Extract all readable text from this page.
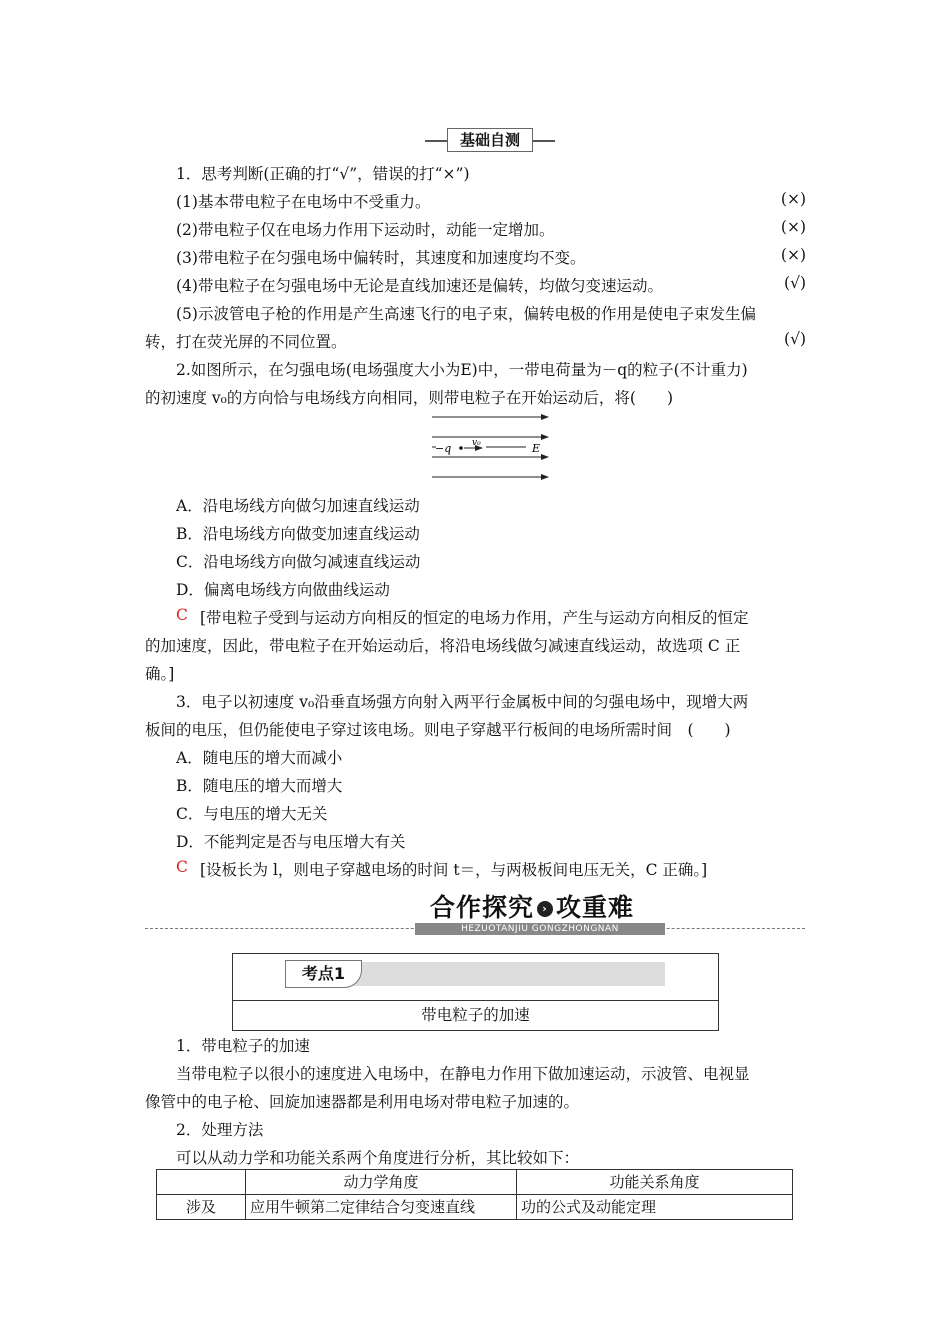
基础自测
1．思考判断(正确的打“√”，错误的打“×”)
(1)基本带电粒子在电场中不受重力。	(×)
(2)带电粒子仅在电场力作用下运动时，动能一定增加。	(×)
(3)带电粒子在匀强电场中偏转时，其速度和加速度均不变。	(×)
(4)带电粒子在匀强电场中无论是直线加速还是偏转，均做匀变速运动。	(√)
(5)示波管电子枪的作用是产生高速飞行的电子束，偏转电极的作用是使电子束发生偏
转，打在荧光屏的不同位置。	(√)
2.如图所示，在匀强电场(电场强度大小为E)中，一带电荷量为－q的粒子(不计重力)
的初速度 v₀的方向恰与电场线方向相同，则带电粒子在开始运动后，将(　　)
−q v₀	E
A．沿电场线方向做匀加速直线运动
B．沿电场线方向做变加速直线运动
C．沿电场线方向做匀减速直线运动
D．偏离电场线方向做曲线运动
C [带电粒子受到与运动方向相反的恒定的电场力作用，产生与运动方向相反的恒定
的加速度，因此，带电粒子在开始运动后，将沿电场线做匀减速直线运动，故选项 C 正
确。]
3．电子以初速度 v₀沿垂直场强方向射入两平行金属板中间的匀强电场中，现增大两
板间的电压，但仍能使电子穿过该电场。则电子穿越平行板间的电场所需时间　(　　)
A．随电压的增大而减小
B．随电压的增大而增大
C．与电压的增大无关
D．不能判定是否与电压增大有关
C [设板长为 l，则电子穿越电场的时间 t＝，与两极板间电压无关，C 正确。]
合作探究 › 攻重难
HEZUOTANJIU GONGZHONGNAN
考点1
带电粒子的加速
1．带电粒子的加速
当带电粒子以很小的速度进入电场中，在静电力作用下做加速运动，示波管、电视显
像管中的电子枪、回旋加速器都是利用电场对带电粒子加速的。
2．处理方法
可以从动力学和功能关系两个角度进行分析，其比较如下：
	动力学角度	功能关系角度
涉及	应用牛顿第二定律结合匀变速直线	功的公式及动能定理
